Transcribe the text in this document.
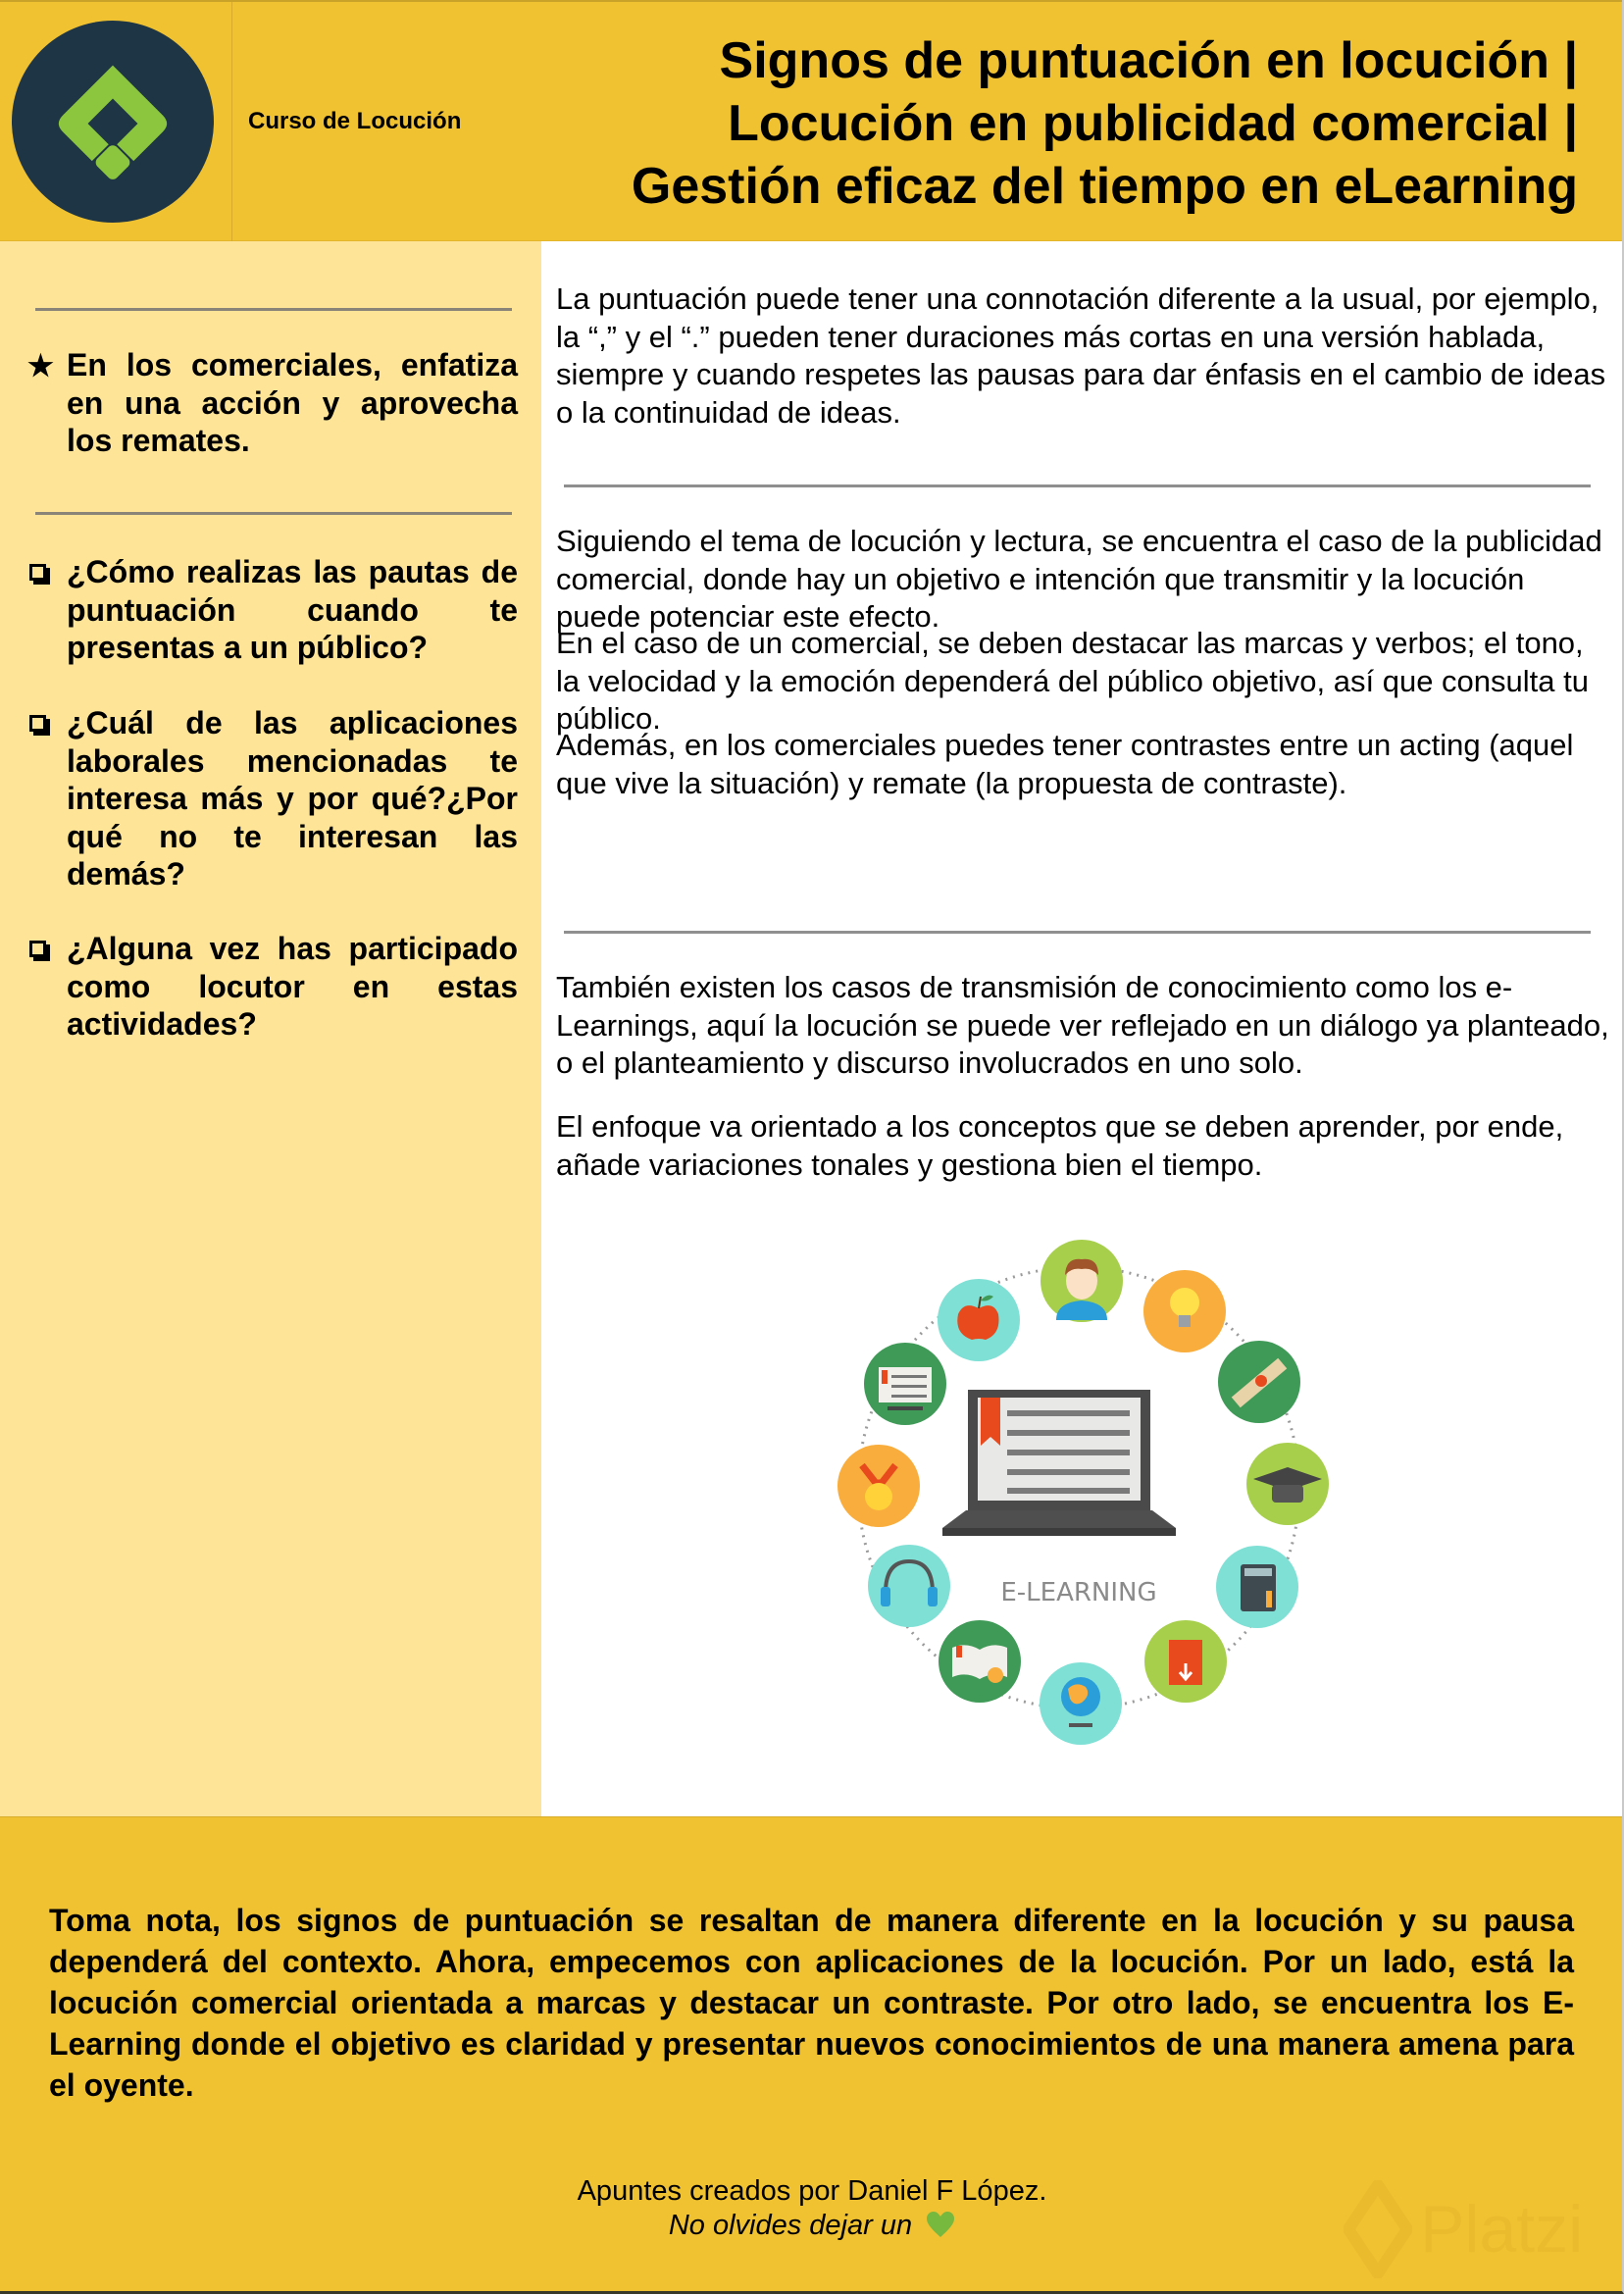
Curso de Locución
Signos de puntuación en locución |
Locución en publicidad comercial |
Gestión eficaz del tiempo en eLearning
★ En los comerciales, enfatiza en una acción y aprovecha los remates.
¿Cómo realizas las pautas de puntuación cuando te presentas a un público?
¿Cuál de las aplicaciones laborales mencionadas te interesa más y por qué?¿Por qué no te interesan las demás?
¿Alguna vez has participado como locutor en estas actividades?

La puntuación puede tener una connotación diferente a la usual, por ejemplo, la “,” y el “.” pueden tener duraciones más cortas en una versión hablada, siempre y cuando respetes las pausas para dar énfasis en el cambio de ideas o la continuidad de ideas.

Siguiendo el tema de locución y lectura, se encuentra el caso de la publicidad comercial, donde hay un objetivo e intención que transmitir y la locución puede potenciar este efecto.

En el caso de un comercial, se deben destacar las marcas y verbos; el tono, la velocidad y la emoción dependerá del público objetivo, así que consulta tu público.

Además, en los comerciales puedes tener contrastes entre un acting (aquel que vive la situación) y remate (la propuesta de contraste).

También existen los casos de transmisión de conocimiento como los e-Learnings, aquí la locución se puede ver reflejado en un diálogo ya planteado, o el planteamiento y discurso involucrados en uno solo.

El enfoque va orientado a los conceptos que se deben aprender, por ende, añade variaciones tonales y gestiona bien el tiempo.

E-LEARNING

Toma nota, los signos de puntuación se resaltan de manera diferente en la locución y su pausa dependerá del contexto. Ahora, empecemos con aplicaciones de la locución. Por un lado, está la locución comercial orientada a marcas y destacar un contraste. Por otro lado, se encuentra los E-Learning donde el objetivo es claridad y presentar nuevos conocimientos de una manera amena para el oyente.

Apuntes creados por Daniel F López.
No olvides dejar un	Platzi
